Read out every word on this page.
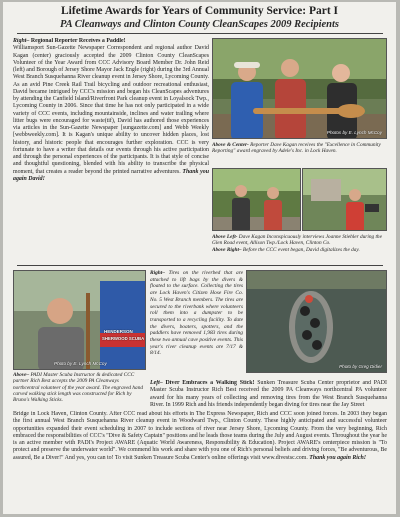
Lifetime Awards for Years of Community Service: Part I
PA Cleanways and Clinton County CleanScapes 2009 Recipients
Right– Regional Reporter Receives a Paddle!
Williamsport Sun-Gazette Newspaper Correspondent and regional author David Kagan (center) graciously accepted the 2009 Clinton County CleanScapes Volunteer of the Year Award from CCC Advisory Board Member Dr. John Reid (left) and Borough of Jersey Shore Mayor Jack Engle (right) during the 3rd Annual West Branch Susquehanna River cleanup event in Jersey Shore, Lycoming County. As an avid Pine Creek Rail Trail bicycling and outdoor recreational enthusiast, David became intrigued by CCC's mission and began his CleanScapes adventures by attending the Canfield Island/Riverfront Park cleanup event in Loyalsock Twp., Lycoming County in 2006. Since that time he has not only participated in a wide variety of CCC events, including mountainside, inclines and water trailing where litter bugs were encouraged for waste(tif), David has authored those experiences via articles in the Sun-Gazette Newspaper [sungazette.com] and Webb Weekly [webbweekly.com]. It is Kagan's unique ability to uncover hidden places, lost history, and historic people that encourages further exploration. CCC is very fortunate to have a writer that details our events through his active participation and through the personal experiences of the participants. It is that style of concise and thoughtful questioning, blended with his ability to transcribe the physical moment, that creates a reader beyond the printed narrative adventures. Thank you again David!
Photos by E. Lynch McCoy
Above & Center- Reporter Dave Kagan receives the "Excellence in Community Reporting" award engraved by Adele's Inc. in Lock Haven.
Above Left- Dave Kagan Inconspicuously interviews Joanne Stiehler during the Glen Road event, Allison Twp./Lock Haven, Clinton Co.
Above Right– Before the CCC event began, David digitalizes the day.
Photo by E. Lynch McCoy
HENDERSON
SHERWOOD SCUBA
Above– PADI Master Scuba Instructor & dedicated CCC partner Rich Best accepts the 2009 PA Cleanways northcentral volunteer of the year award. The engraved hand carved walking stick length was constructed for Rich by Bruno's Walking Sticks.
Right– Tires on the riverbed that are attached to lift bags by the divers & floated to the surface. Collecting the tires are Lock Haven's Citizen Hose Fire Co. No. 5 West Branch members. The tires are secured to the riverbank where volunteers roll them into a dumpster to be transported to a recycling facility. To date the divers, boaters, spotters, and the paddlers have removed 1,983 tires during these two annual cave positive events. This year's river cleanup events are 7/17 & 8/14.
Photo by Greg Didier
Left– Diver Embraces a Walking Stick! Sunken Treasure Scuba Center proprietor and PADI Master Scuba Instructor Rich Best received the 2009 PA Cleanways northcentral PA volunteer award for his many years of collecting and removing tires from the West Branch Susquehanna River. In 1999 Rich and his friends independently began diving for tires near the Jay Street
Bridge in Lock Haven, Clinton County. After CCC read about his efforts in The Express Newspaper, Rich and CCC soon joined forces. In 2003 they began the first annual West Branch Susquehanna River cleanup event in Woodward Twp., Clinton County. These highly anticipated and successful volunteer opportunities expanded their event scheduling in 2007 to include sections of river near Jersey Shore, Lycoming County. From the very beginning, Rich embraced the responsibilities of CCC's "Dive & Safety Captain" positions and he leads those teams during the July and August events. Throughout the year he is an active member with PADI's Project AWARE (Aquatic World Awareness, Responsibility & Education). Project AWARE's centerpiece mission is "To protect and preserve the underwater world". We commend his work and share with you one of Rich's personal beliefs and driving forces, "Be adventurous, Be assured, Be a Diver!" And yes, you can to! To visit Sunken Treasure Scuba Center's online offerings visit www.divestsc.com. Thank you again Rich!
